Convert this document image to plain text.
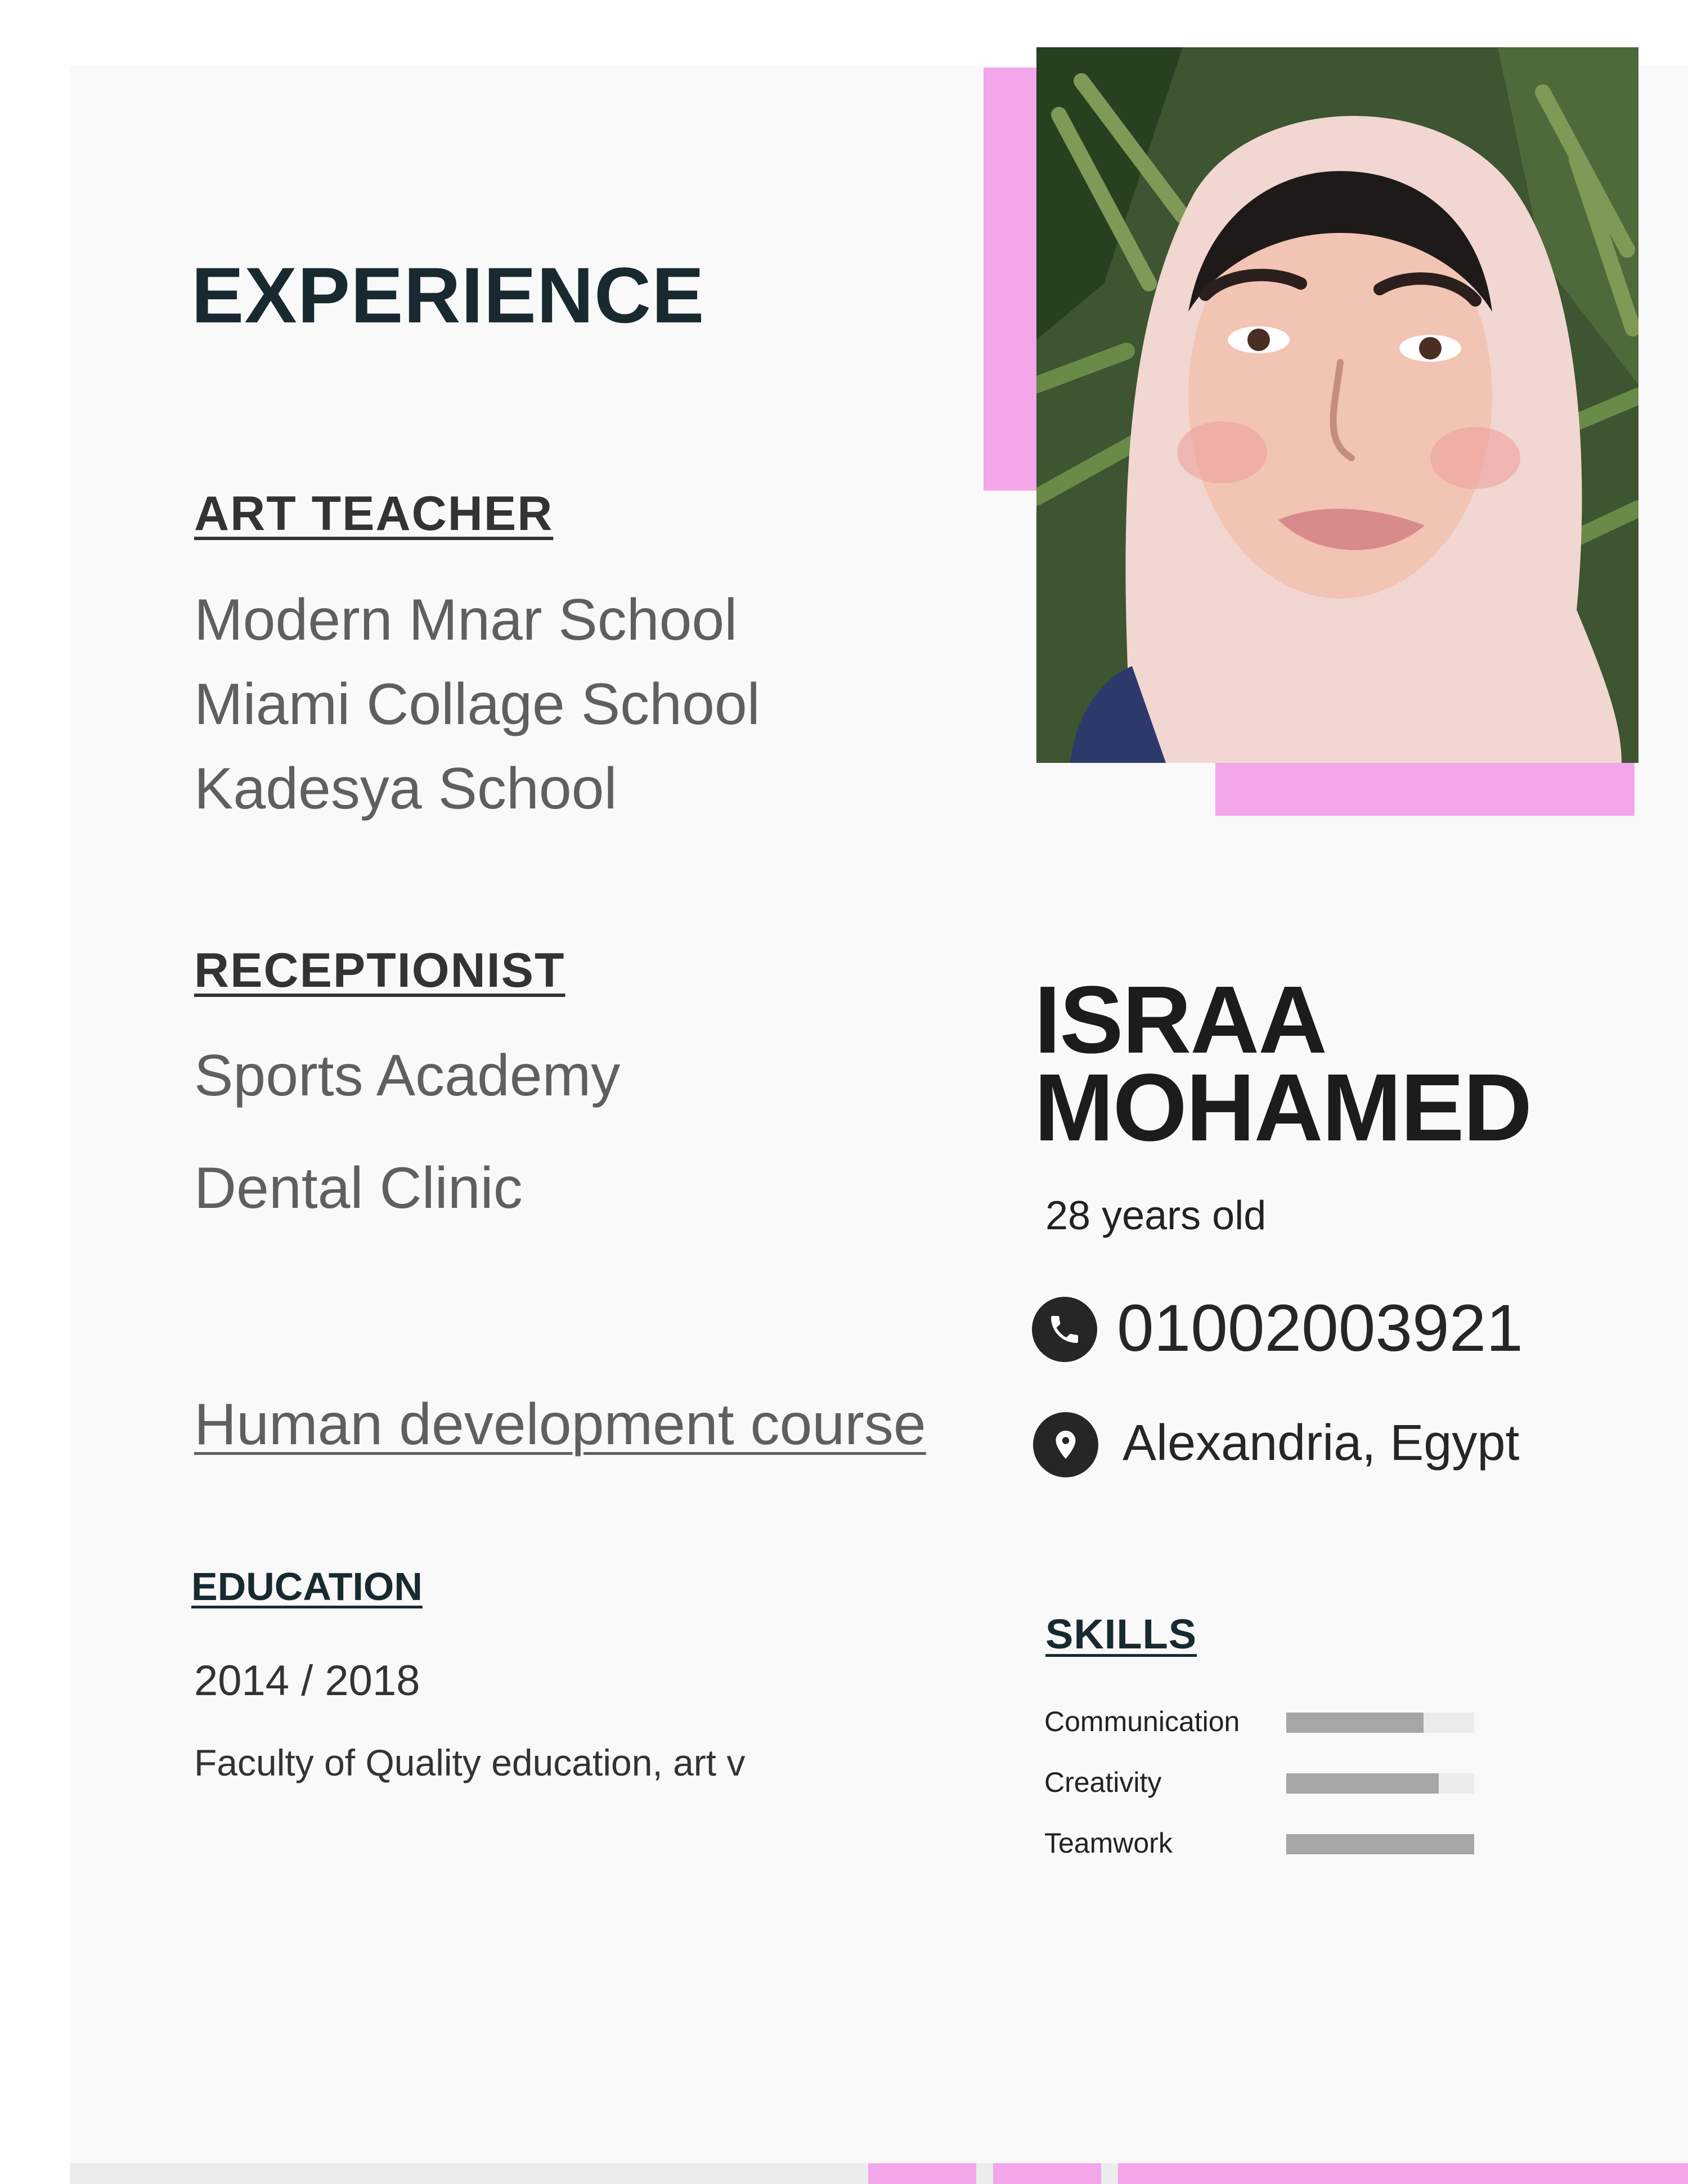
EXPERIENCE
ART TEACHER
Modern Mnar School
Miami Collage School
Kadesya School
RECEPTIONIST
Sports Academy
Dental Clinic
Human development course
EDUCATION
2014 / 2018
Faculty of Quality education, art v
ISRAA
MOHAMED
28 years old
01002003921
Alexandria, Egypt
SKILLS
Communication
Creativity
Teamwork
